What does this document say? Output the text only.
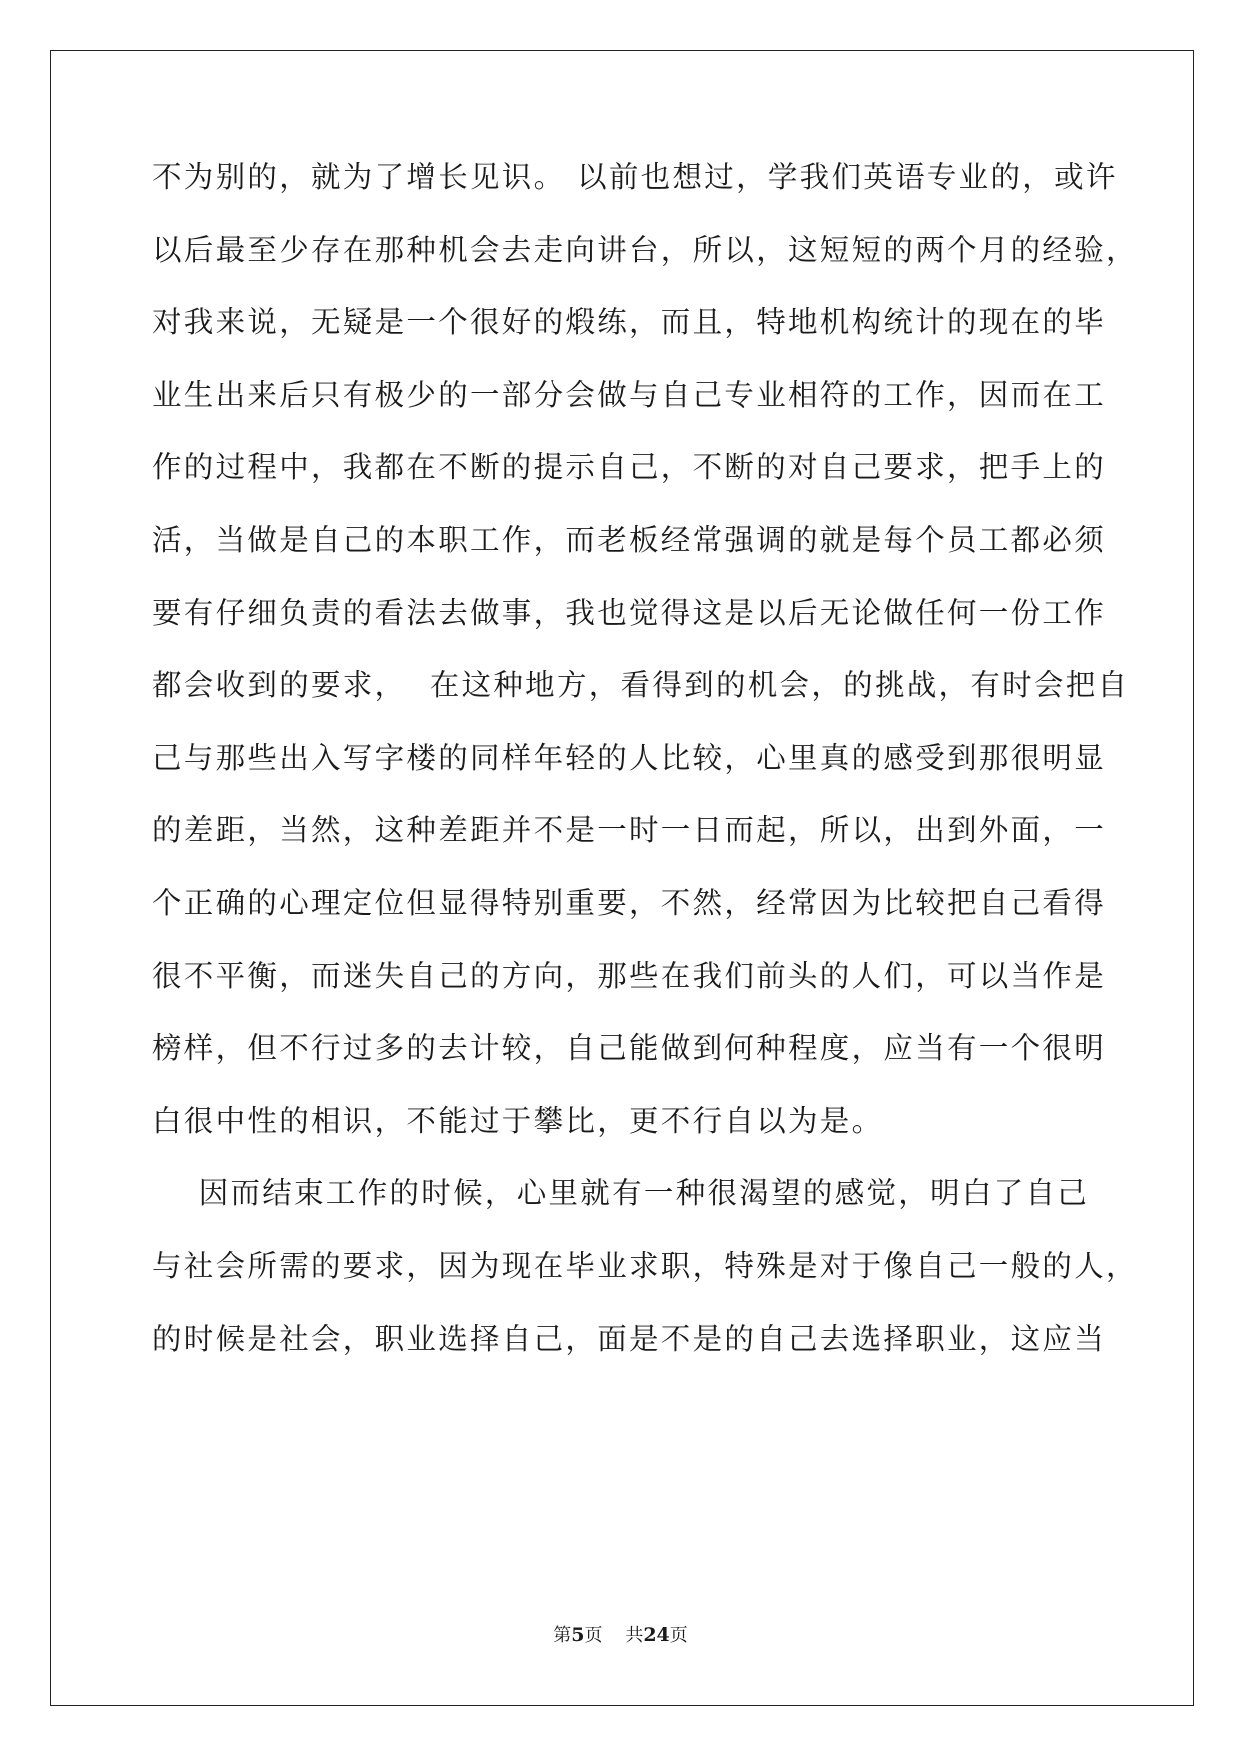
不为别的，就为了增长见识。 以前也想过，学我们英语专业的，或许
以后最至少存在那种机会去走向讲台，所以，这短短的两个月的经验，
对我来说，无疑是一个很好的煅练，而且，特地机构统计的现在的毕
业生出来后只有极少的一部分会做与自己专业相符的工作，因而在工
作的过程中，我都在不断的提示自己，不断的对自己要求，把手上的
活，当做是自己的本职工作，而老板经常强调的就是每个员工都必须
要有仔细负责的看法去做事，我也觉得这是以后无论做任何一份工作
都会收到的要求，  在这种地方，看得到的机会，的挑战，有时会把自
己与那些出入写字楼的同样年轻的人比较，心里真的感受到那很明显
的差距，当然，这种差距并不是一时一日而起，所以，出到外面，一
个正确的心理定位但显得特别重要，不然，经常因为比较把自己看得
很不平衡，而迷失自己的方向，那些在我们前头的人们，可以当作是
榜样，但不行过多的去计较，自己能做到何种程度，应当有一个很明
白很中性的相识，不能过于攀比，更不行自以为是。
因而结束工作的时候，心里就有一种很渴望的感觉，明白了自己
与社会所需的要求，因为现在毕业求职，特殊是对于像自己一般的人，
的时候是社会，职业选择自己，面是不是的自己去选择职业，这应当
第5页 共24页
